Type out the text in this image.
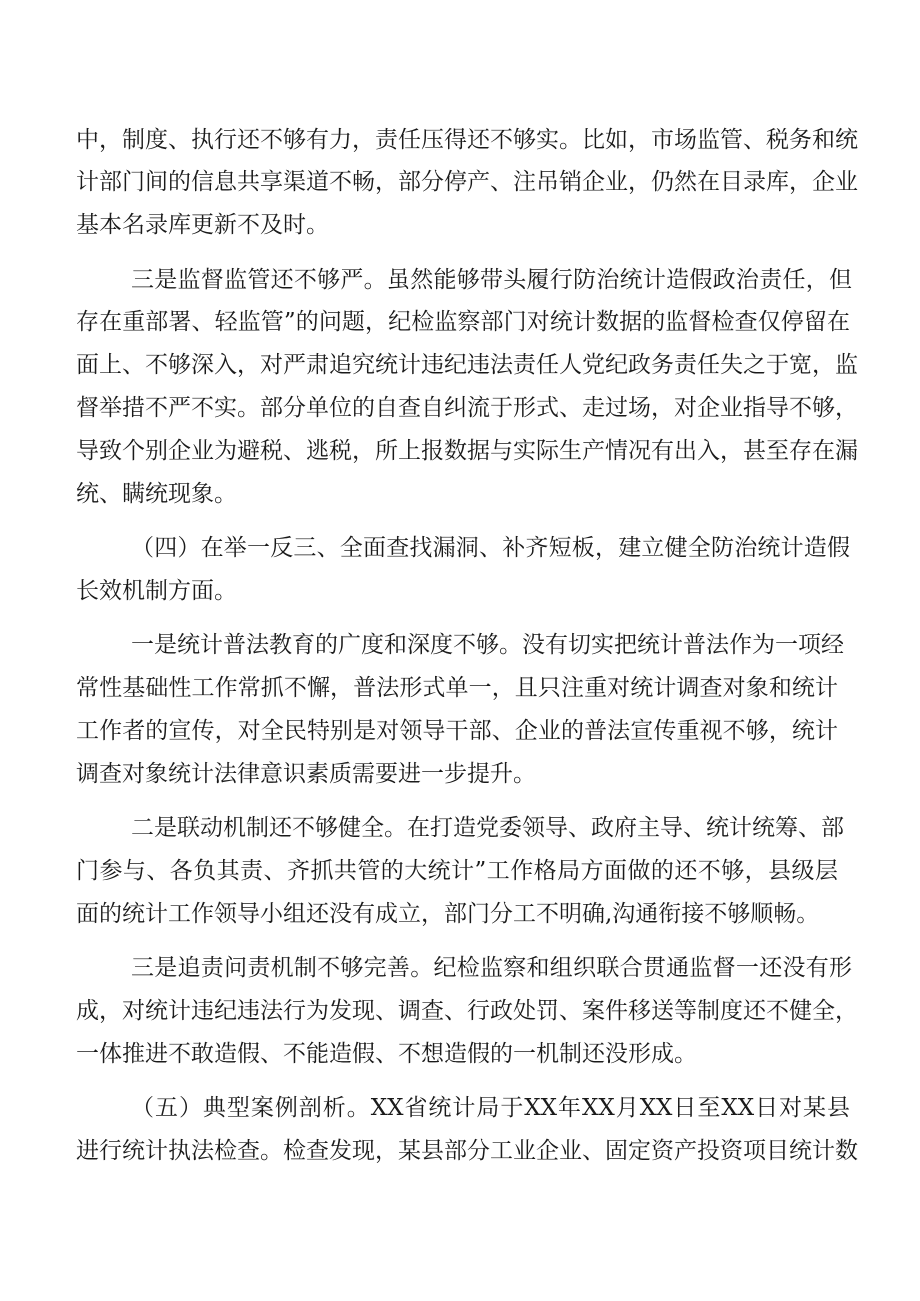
中，制度、执行还不够有力，责任压得还不够实。比如，市场监管、税务和统
计部门间的信息共享渠道不畅，部分停产、注吊销企业，仍然在目录库，企业
基本名录库更新不及时。
三是监督监管还不够严。虽然能够带头履行防治统计造假政治责任，但
存在重部署、轻监管”的问题，纪检监察部门对统计数据的监督检查仅停留在
面上、不够深入，对严肃追究统计违纪违法责任人党纪政务责任失之于宽，监
督举措不严不实。部分单位的自查自纠流于形式、走过场，对企业指导不够，
导致个别企业为避税、逃税，所上报数据与实际生产情况有出入，甚至存在漏
统、瞒统现象。
（四）在举一反三、全面查找漏洞、补齐短板，建立健全防治统计造假
长效机制方面。
一是统计普法教育的广度和深度不够。没有切实把统计普法作为一项经
常性基础性工作常抓不懈，普法形式单一，且只注重对统计调查对象和统计
工作者的宣传，对全民特别是对领导干部、企业的普法宣传重视不够，统计
调查对象统计法律意识素质需要进一步提升。
二是联动机制还不够健全。在打造党委领导、政府主导、统计统筹、部
门参与、各负其责、齐抓共管的大统计”工作格局方面做的还不够，县级层
面的统计工作领导小组还没有成立，部门分工不明确,沟通衔接不够顺畅。
三是追责问责机制不够完善。纪检监察和组织联合贯通监督一还没有形
成，对统计违纪违法行为发现、调查、行政处罚、案件移送等制度还不健全，
一体推进不敢造假、不能造假、不想造假的一机制还没形成。
（五）典型案例剖析。XX省统计局于XX年XX月XX日至XX日对某县
进行统计执法检查。检查发现，某县部分工业企业、固定资产投资项目统计数
